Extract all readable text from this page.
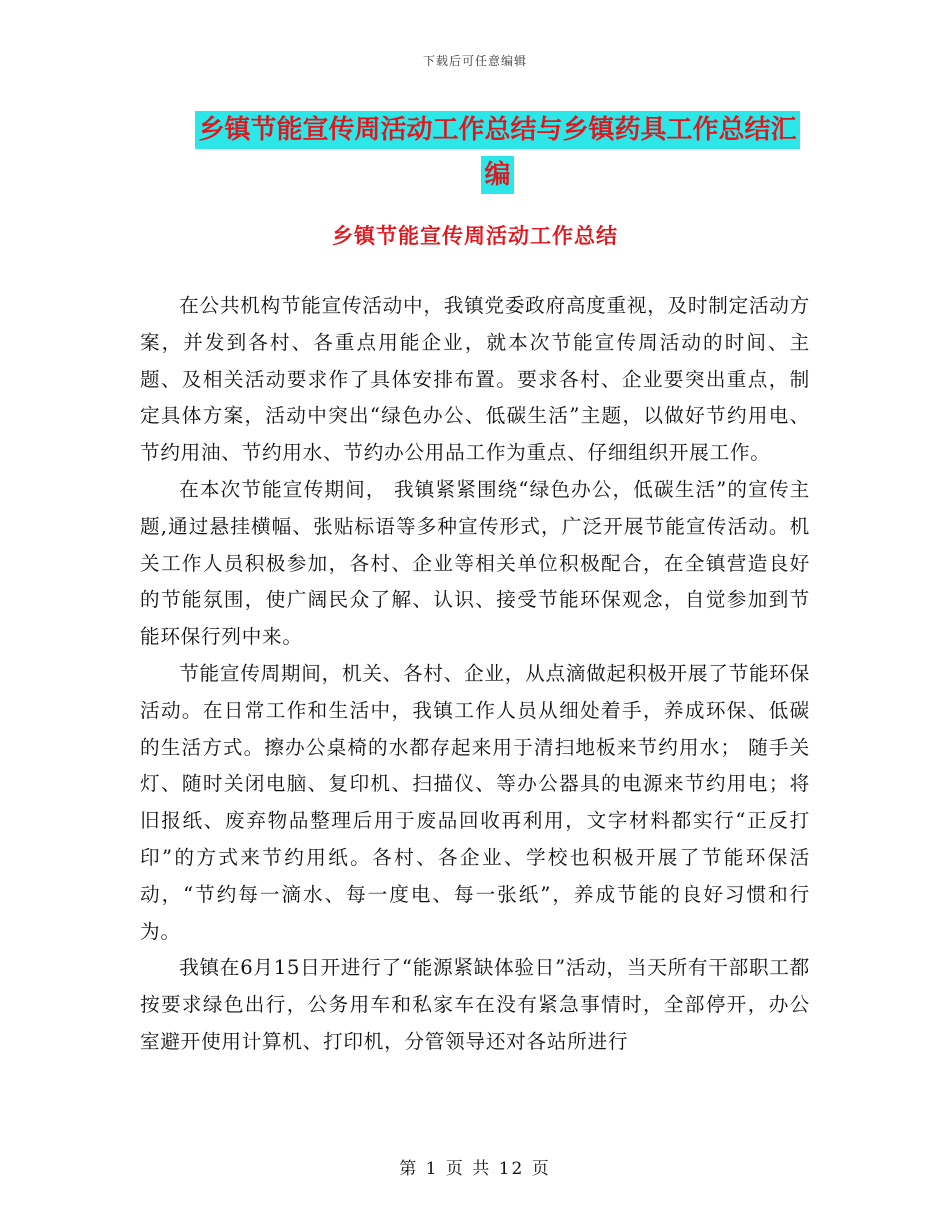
下载后可任意编辑
乡镇节能宣传周活动工作总结与乡镇药具工作总结汇编
乡镇节能宣传周活动工作总结

在公共机构节能宣传活动中，我镇党委政府高度重视，及时制定活动方案，并发到各村、各重点用能企业，就本次节能宣传周活动的时间、主题、及相关活动要求作了具体安排布置。要求各村、企业要突出重点，制定具体方案，活动中突出“绿色办公、低碳生活”主题，以做好节约用电、节约用油、节约用水、节约办公用品工作为重点、仔细组织开展工作。

在本次节能宣传期间， 我镇紧紧围绕“绿色办公，低碳生活”的宣传主题,通过悬挂横幅、张贴标语等多种宣传形式，广泛开展节能宣传活动。机关工作人员积极参加，各村、企业等相关单位积极配合，在全镇营造良好的节能氛围，使广阔民众了解、认识、接受节能环保观念，自觉参加到节能环保行列中来。

节能宣传周期间，机关、各村、企业，从点滴做起积极开展了节能环保活动。在日常工作和生活中，我镇工作人员从细处着手，养成环保、低碳的生活方式。擦办公桌椅的水都存起来用于清扫地板来节约用水； 随手关灯、随时关闭电脑、复印机、扫描仪、等办公器具的电源来节约用电；将旧报纸、废弃物品整理后用于废品回收再利用，文字材料都实行“正反打印”的方式来节约用纸。各村、各企业、学校也积极开展了节能环保活动，“节约每一滴水、每一度电、每一张纸”，养成节能的良好习惯和行为。

我镇在6月15日开进行了“能源紧缺体验日”活动，当天所有干部职工都按要求绿色出行，公务用车和私家车在没有紧急事情时，全部停开，办公室避开使用计算机、打印机，分管领导还对各站所进行

第 1 页 共 12 页
